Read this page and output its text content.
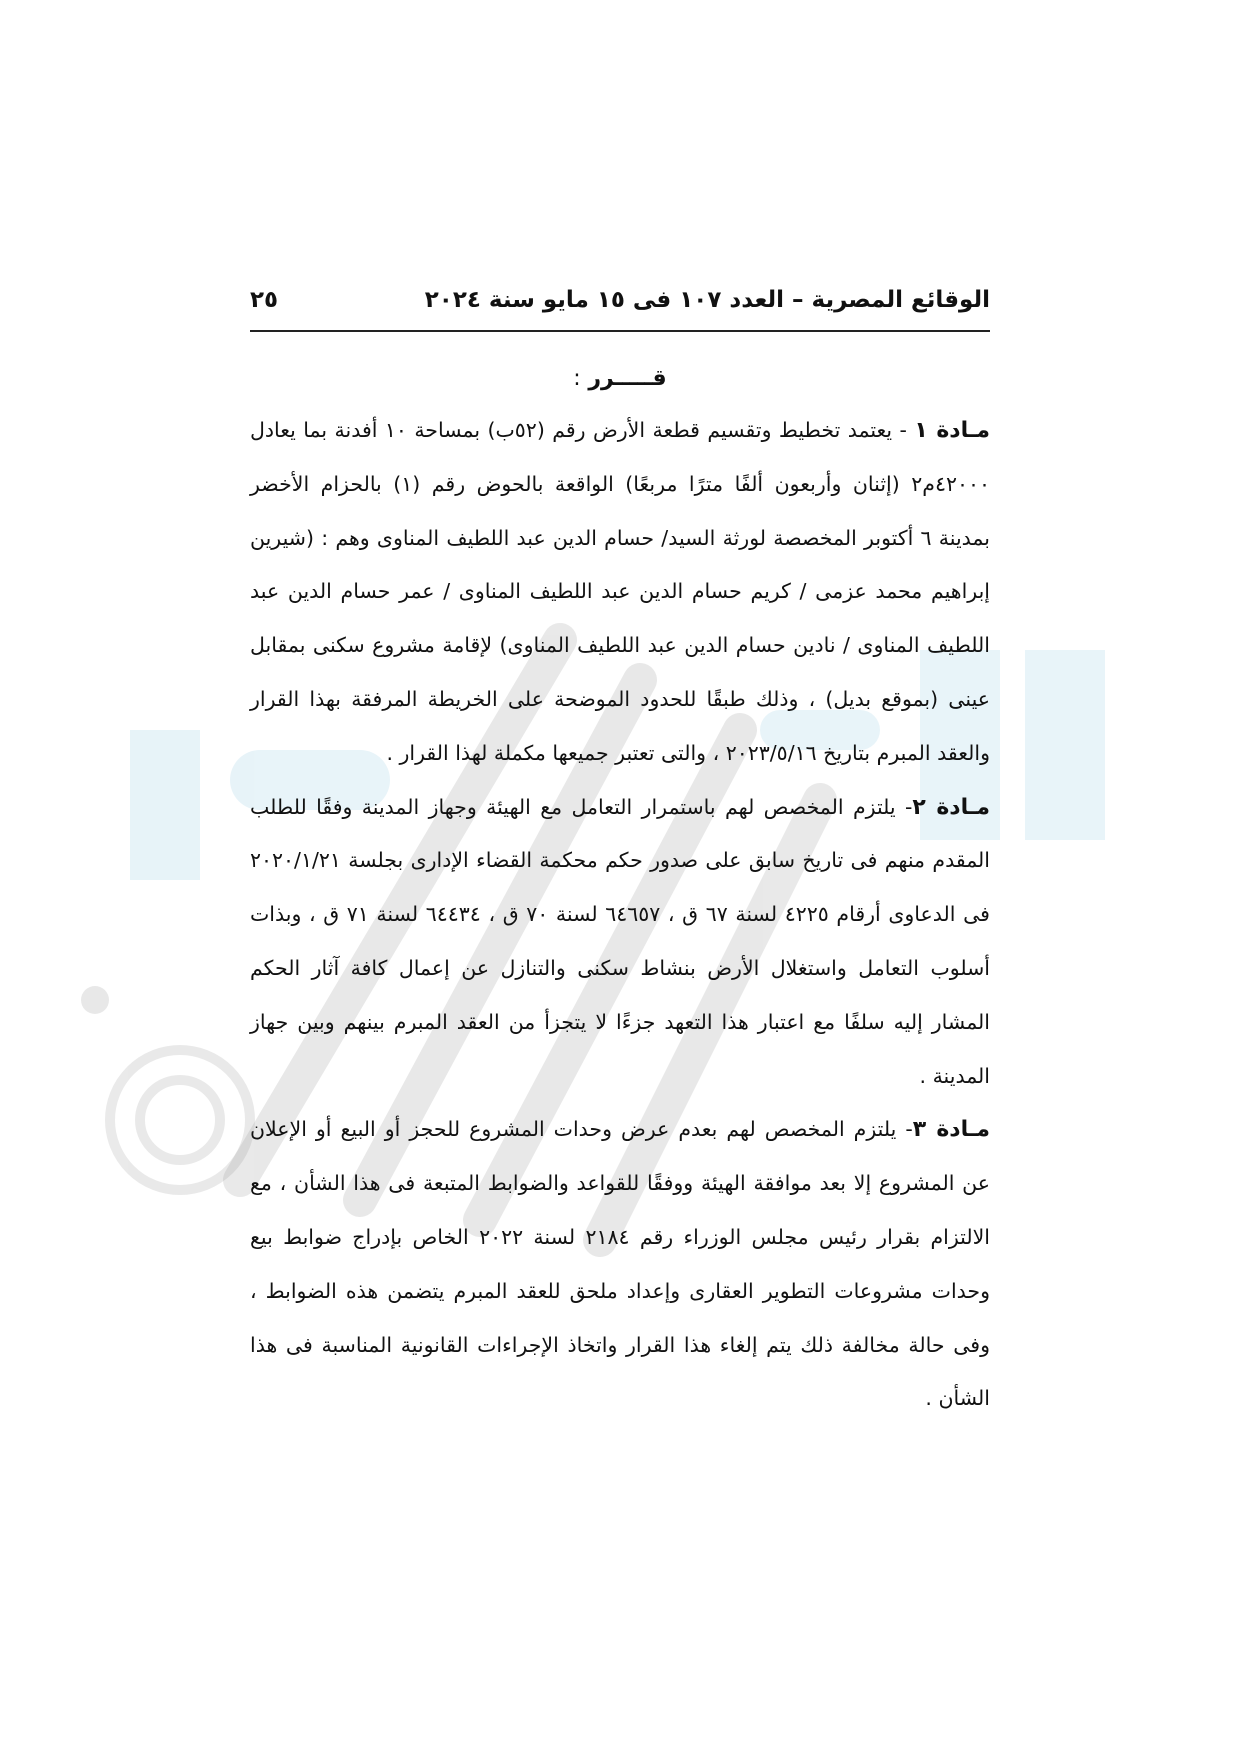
الوقائع المصرية – العدد ١٠٧ فى ١٥ مايو سنة ٢٠٢٤
٢٥
قـــــرر :

مـادة ١ - يعتمد تخطيط وتقسيم قطعة الأرض رقم (٥٢ب) بمساحة ١٠ أفدنة بما يعادل ٤٢٠٠٠م٢ (إثنان وأربعون ألفًا مترًا مربعًا) الواقعة بالحوض رقم (١) بالحزام الأخضر بمدينة ٦ أكتوبر المخصصة لورثة السيد/ حسام الدين عبد اللطيف المناوى وهم : (شيرين إبراهيم محمد عزمى / كريم حسام الدين عبد اللطيف المناوى / عمر حسام الدين عبد اللطيف المناوى / نادين حسام الدين عبد اللطيف المناوى) لإقامة مشروع سكنى بمقابل عينى (بموقع بديل) ، وذلك طبقًا للحدود الموضحة على الخريطة المرفقة بهذا القرار والعقد المبرم بتاريخ ٢٠٢٣/٥/١٦ ، والتى تعتبر جميعها مكملة لهذا القرار .

مـادة ٢- يلتزم المخصص لهم باستمرار التعامل مع الهيئة وجهاز المدينة وفقًا للطلب المقدم منهم فى تاريخ سابق على صدور حكم محكمة القضاء الإدارى بجلسة ٢٠٢٠/١/٢١ فى الدعاوى أرقام ٤٢٢٥ لسنة ٦٧ ق ، ٦٤٦٥٧ لسنة ٧٠ ق ، ٦٤٤٣٤ لسنة ٧١ ق ، وبذات أسلوب التعامل واستغلال الأرض بنشاط سكنى والتنازل عن إعمال كافة آثار الحكم المشار إليه سلفًا مع اعتبار هذا التعهد جزءًا لا يتجزأ من العقد المبرم بينهم وبين جهاز المدينة .

مـادة ٣- يلتزم المخصص لهم بعدم عرض وحدات المشروع للحجز أو البيع أو الإعلان عن المشروع إلا بعد موافقة الهيئة ووفقًا للقواعد والضوابط المتبعة فى هذا الشأن ، مع الالتزام بقرار رئيس مجلس الوزراء رقم ٢١٨٤ لسنة ٢٠٢٢ الخاص بإدراج ضوابط بيع وحدات مشروعات التطوير العقارى وإعداد ملحق للعقد المبرم يتضمن هذه الضوابط ، وفى حالة مخالفة ذلك يتم إلغاء هذا القرار واتخاذ الإجراءات القانونية المناسبة فى هذا الشأن .
